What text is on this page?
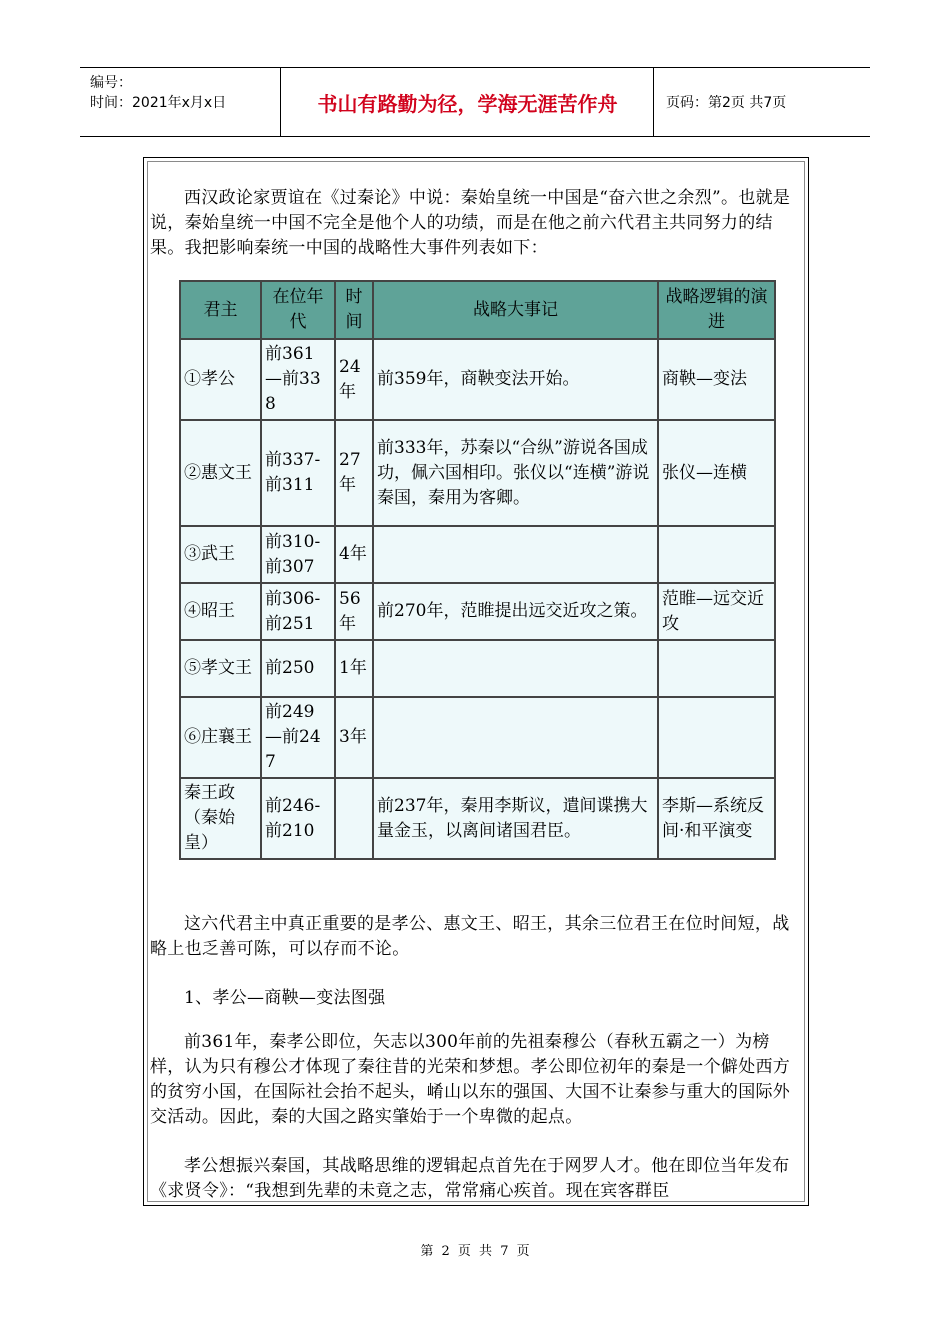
编号：
时间：2021年x月x日	书山有路勤为径，学海无涯苦作舟	页码：第2页 共7页

西汉政论家贾谊在《过秦论》中说：秦始皇统一中国是“奋六世之余烈”。也就是说，秦始皇统一中国不完全是他个人的功绩，而是在他之前六代君主共同努力的结果。我把影响秦统一中国的战略性大事件列表如下：

君主	在位年代	时间	战略大事记	战略逻辑的演进
①孝公	前361—前338	24年	前359年，商鞅变法开始。	商鞅—变法
②惠文王	前337-前311	27年	前333年，苏秦以“合纵”游说各国成功，佩六国相印。张仪以“连横”游说秦国，秦用为客卿。	张仪—连横
③武王	前310-前307	4年		
④昭王	前306-前251	56年	前270年，范睢提出远交近攻之策。	范睢—远交近攻
⑤孝文王	前250	1年		
⑥庄襄王	前249—前247	3年		
秦王政（秦始皇）	前246-前210		前237年，秦用李斯议，遣间谍携大量金玉，以离间诸国君臣。	李斯—系统反间·和平演变

这六代君主中真正重要的是孝公、惠文王、昭王，其余三位君王在位时间短，战略上也乏善可陈，可以存而不论。

1、孝公—商鞅—变法图强

前361年，秦孝公即位，矢志以300年前的先祖秦穆公（春秋五霸之一）为榜样，认为只有穆公才体现了秦往昔的光荣和梦想。孝公即位初年的秦是一个僻处西方的贫穷小国，在国际社会抬不起头，崤山以东的强国、大国不让秦参与重大的国际外交活动。因此，秦的大国之路实肇始于一个卑微的起点。

孝公想振兴秦国，其战略思维的逻辑起点首先在于网罗人才。他在即位当年发布《求贤令》：“我想到先辈的未竟之志，常常痛心疾首。现在宾客群臣

第 2 页 共 7 页
